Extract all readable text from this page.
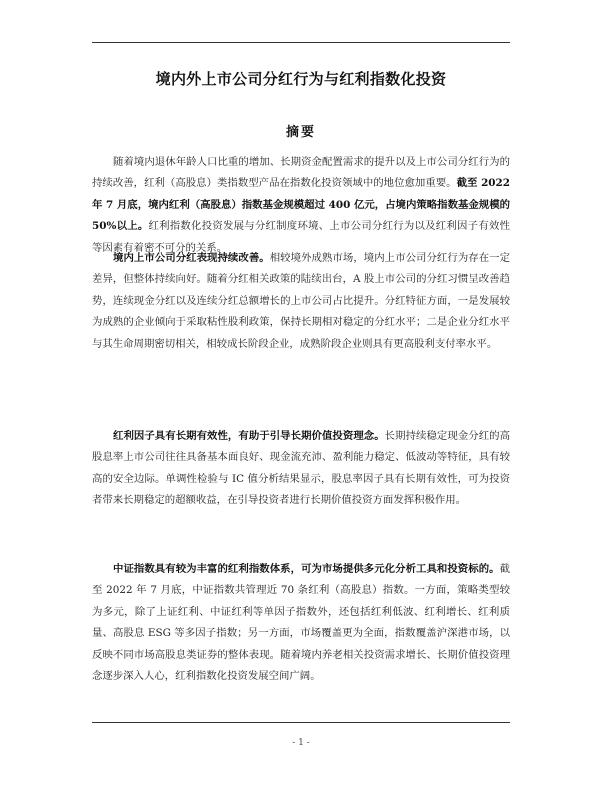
境内外上市公司分红行为与红利指数化投资
摘要

随着境内退休年龄人口比重的增加、长期资金配置需求的提升以及上市公司分红行为的持续改善，红利（高股息）类指数型产品在指数化投资领域中的地位愈加重要。截至 2022 年 7 月底，境内红利（高股息）指数基金规模超过 400 亿元，占境内策略指数基金规模的 50%以上。红利指数化投资发展与分红制度环境、上市公司分红行为以及红利因子有效性等因素有着密不可分的关系。

境内上市公司分红表现持续改善。相较境外成熟市场，境内上市公司分红行为存在一定差异，但整体持续向好。随着分红相关政策的陆续出台，A 股上市公司的分红习惯呈改善趋势，连续现金分红以及连续分红总额增长的上市公司占比提升。分红特征方面，一是发展较为成熟的企业倾向于采取粘性股利政策，保持长期相对稳定的分红水平；二是企业分红水平与其生命周期密切相关，相较成长阶段企业，成熟阶段企业则具有更高股利支付率水平。

红利因子具有长期有效性，有助于引导长期价值投资理念。长期持续稳定现金分红的高股息率上市公司往往具备基本面良好、现金流充沛、盈利能力稳定、低波动等特征，具有较高的安全边际。单调性检验与 IC 值分析结果显示，股息率因子具有长期有效性，可为投资者带来长期稳定的超额收益，在引导投资者进行长期价值投资方面发挥积极作用。

中证指数具有较为丰富的红利指数体系，可为市场提供多元化分析工具和投资标的。截至 2022 年 7 月底，中证指数共管理近 70 条红利（高股息）指数。一方面，策略类型较为多元，除了上证红利、中证红利等单因子指数外，还包括红利低波、红利增长、红利质量、高股息 ESG 等多因子指数；另一方面，市场覆盖更为全面，指数覆盖沪深港市场，以反映不同市场高股息类证券的整体表现。随着境内养老相关投资需求增长、长期价值投资理念逐步深入人心，红利指数化投资发展空间广阔。

- 1 -
